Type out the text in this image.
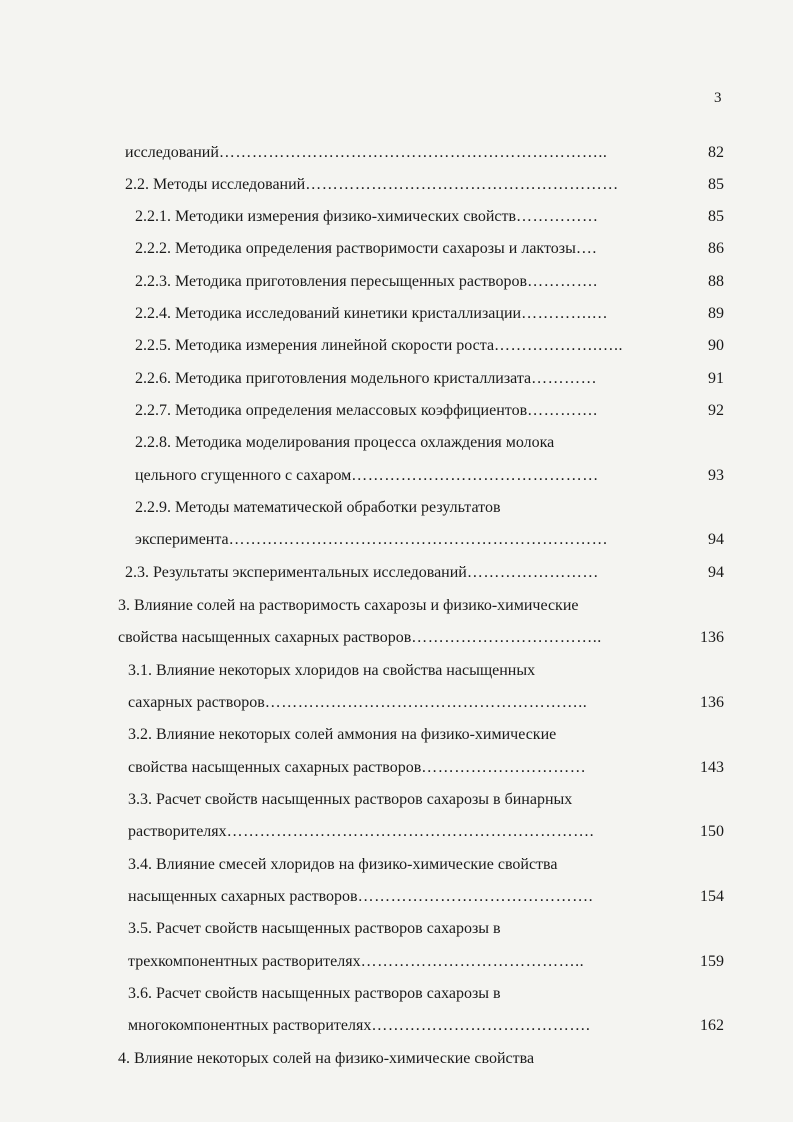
3
82
исследований ……………………………………………………………..
85
2.2. Методы исследований …………………………………………………
85
2.2.1. Методики измерения физико-химических свойств ……………
86
2.2.2. Методика определения растворимости сахарозы и лактозы ….
88
2.2.3. Методика приготовления пересыщенных растворов ………….
89
2.2.4. Методика исследований кинетики кристаллизации ………….…
90
2.2.5. Методика измерения линейной скорости роста ……………….…..
91
2.2.6. Методика приготовления модельного кристаллизата …………
92
2.2.7. Методика определения мелассовых коэффициентов ………….
2.2.8. Методика моделирования процесса охлаждения молока
93
цельного сгущенного с сахаром ………………………………………
2.2.9. Методы математической обработки результатов
94
эксперимента ……………………………………………………………
94
2.3. Результаты экспериментальных исследований ……………………
3. Влияние солей на растворимость сахарозы и физико-химические
136
свойства насыщенных сахарных растворов ……………………………..
3.1. Влияние некоторых хлоридов на свойства насыщенных
136
сахарных растворов …………………………………………………..
3.2. Влияние некоторых солей аммония на физико-химические
143
свойства насыщенных сахарных растворов …………………………
3.3. Расчет свойств насыщенных растворов сахарозы в бинарных
150
растворителях ………………………………………………………….
3.4. Влияние смесей хлоридов на физико-химические свойства
154
насыщенных сахарных растворов …………………………………….
3.5. Расчет свойств насыщенных растворов сахарозы в
159
трехкомпонентных растворителях …………………………………..
3.6. Расчет свойств насыщенных растворов сахарозы в
162
многокомпонентных растворителях ………………………………….
4. Влияние некоторых солей на физико-химические свойства
